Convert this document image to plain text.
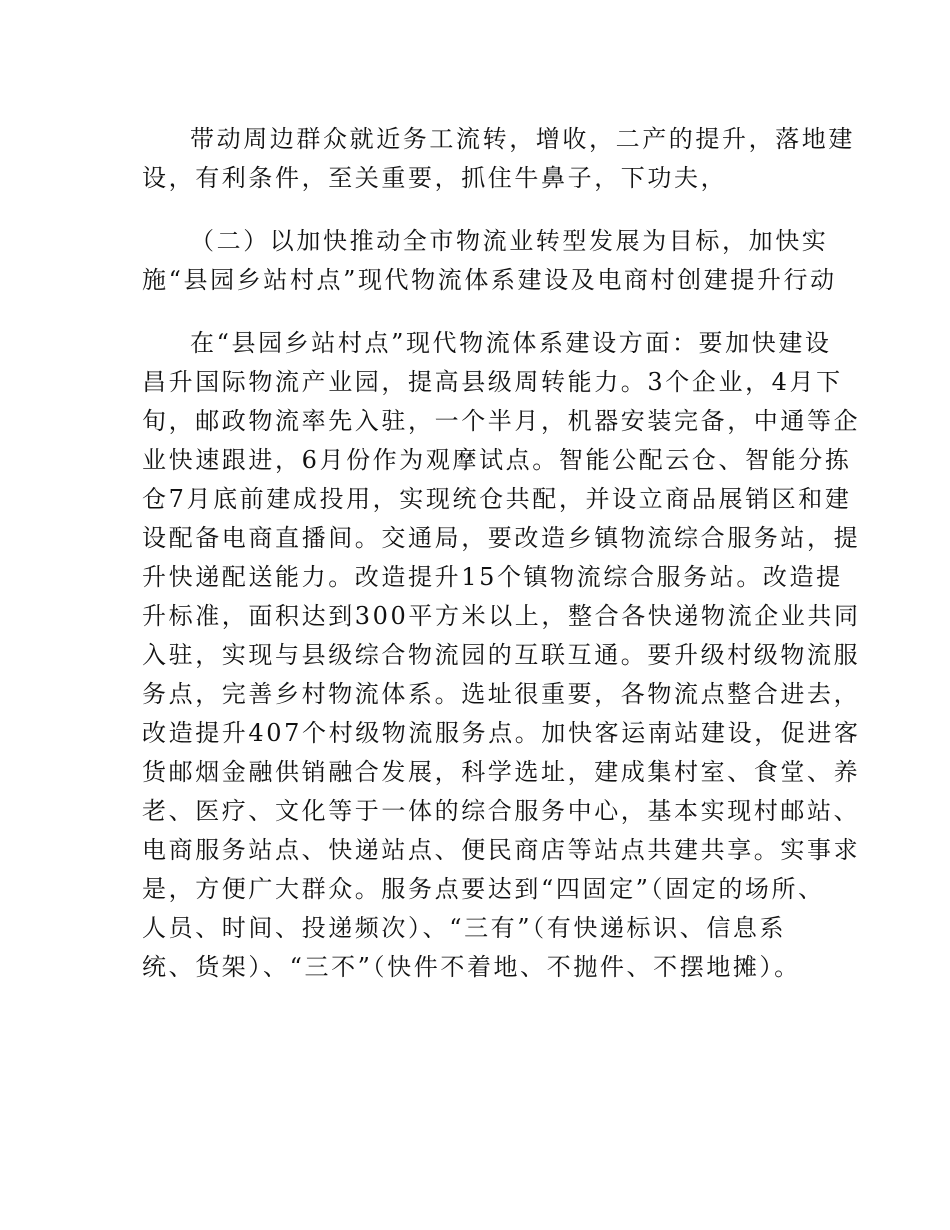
带动周边群众就近务工流转，增收，二产的提升，落地建
设，有利条件，至关重要，抓住牛鼻子，下功夫，

（二）以加快推动全市物流业转型发展为目标，加快实
施“县园乡站村点”现代物流体系建设及电商村创建提升行动

在“县园乡站村点”现代物流体系建设方面：要加快建设
昌升国际物流产业园，提高县级周转能力。3个企业，4月下
旬，邮政物流率先入驻，一个半月，机器安装完备，中通等企
业快速跟进，6月份作为观摩试点。智能公配云仓、智能分拣
仓7月底前建成投用，实现统仓共配，并设立商品展销区和建
设配备电商直播间。交通局，要改造乡镇物流综合服务站，提
升快递配送能力。改造提升15个镇物流综合服务站。改造提
升标准，面积达到300平方米以上，整合各快递物流企业共同
入驻，实现与县级综合物流园的互联互通。要升级村级物流服
务点，完善乡村物流体系。选址很重要，各物流点整合进去，
改造提升407个村级物流服务点。加快客运南站建设，促进客
货邮烟金融供销融合发展，科学选址，建成集村室、食堂、养
老、医疗、文化等于一体的综合服务中心，基本实现村邮站、
电商服务站点、快递站点、便民商店等站点共建共享。实事求
是，方便广大群众。服务点要达到“四固定”（固定的场所、
人员、时间、投递频次）、“三有”（有快递标识、信息系
统、货架）、“三不”（快件不着地、不抛件、不摆地摊）。
